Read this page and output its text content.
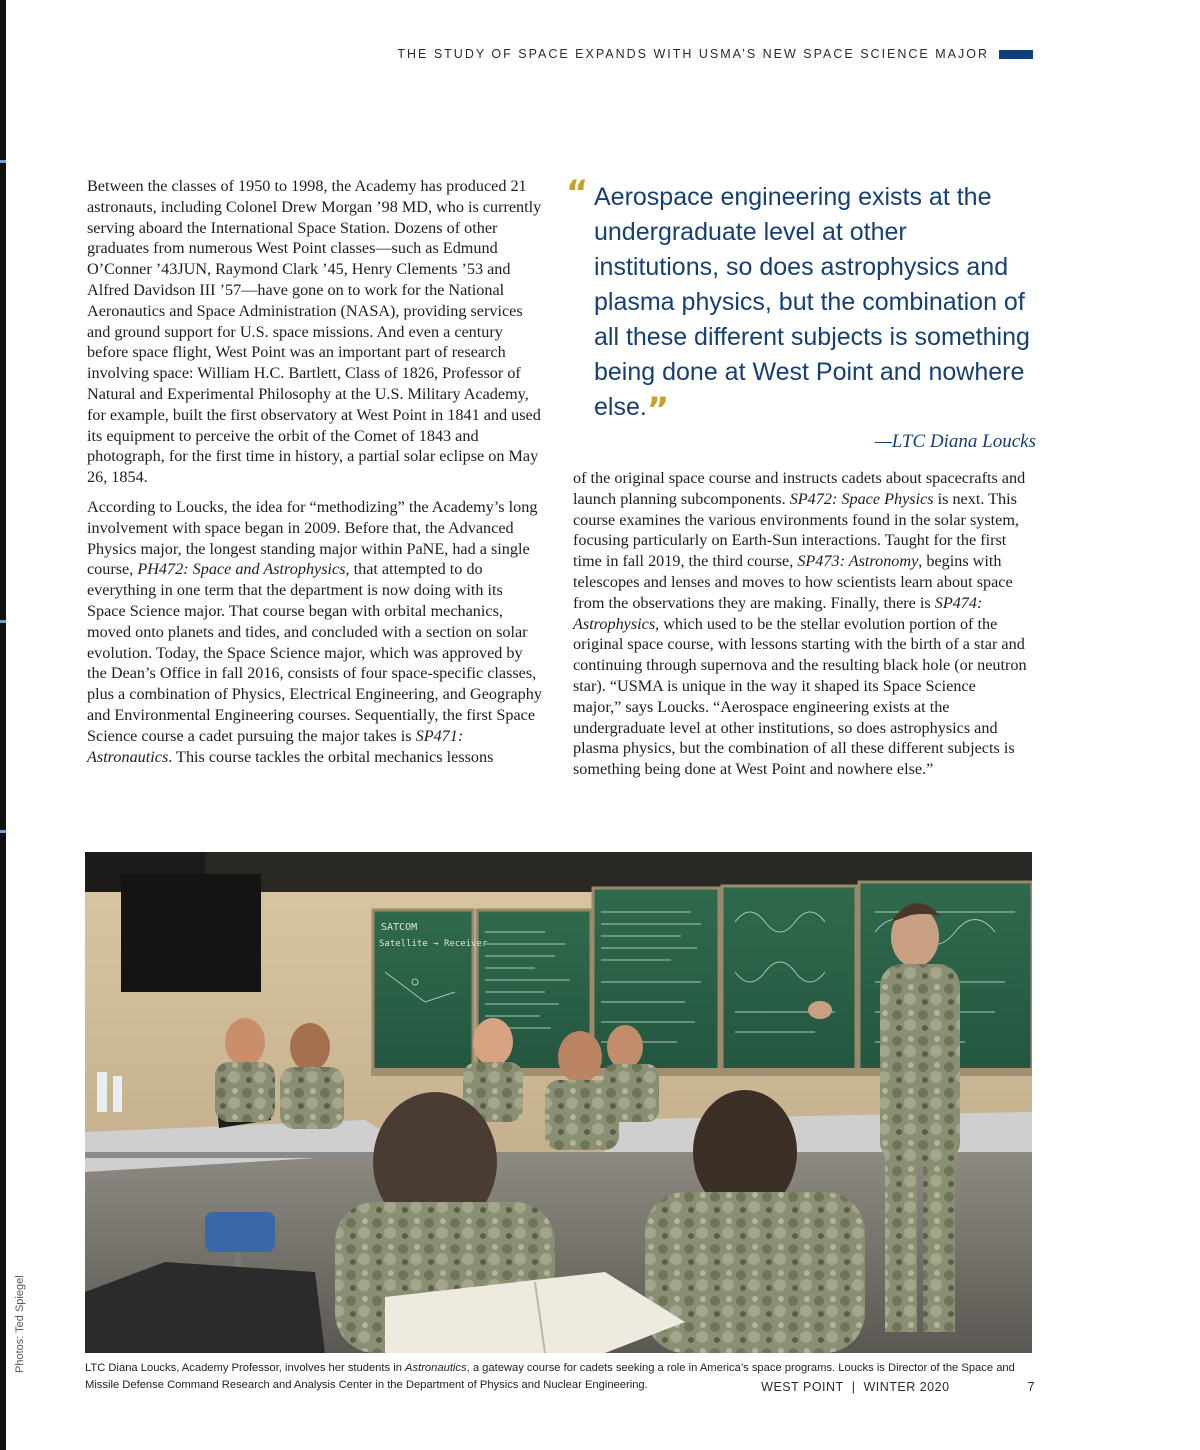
THE STUDY OF SPACE EXPANDS WITH USMA’S NEW SPACE SCIENCE MAJOR

Between the classes of 1950 to 1998, the Academy has produced 21 astronauts, including Colonel Drew Morgan ’98 MD, who is currently serving aboard the International Space Station. Dozens of other graduates from numerous West Point classes—such as Edmund O’Conner ’43JUN, Raymond Clark ’45, Henry Clements ’53 and Alfred Davidson III ’57—have gone on to work for the National Aeronautics and Space Administration (NASA), providing services and ground support for U.S. space missions. And even a century before space flight, West Point was an important part of research involving space: William H.C. Bartlett, Class of 1826, Professor of Natural and Experimental Philosophy at the U.S. Military Academy, for example, built the first observatory at West Point in 1841 and used its equipment to perceive the orbit of the Comet of 1843 and photograph, for the first time in history, a partial solar eclipse on May 26, 1854.

According to Loucks, the idea for “methodizing” the Academy’s long involvement with space began in 2009. Before that, the Advanced Physics major, the longest standing major within PaNE, had a single course, PH472: Space and Astrophysics, that attempted to do everything in one term that the department is now doing with its Space Science major. That course began with orbital mechanics, moved onto planets and tides, and concluded with a section on solar evolution. Today, the Space Science major, which was approved by the Dean’s Office in fall 2016, consists of four space-specific classes, plus a combination of Physics, Electrical Engineering, and Geography and Environmental Engineering courses. Sequentially, the first Space Science course a cadet pursuing the major takes is SP471: Astronautics. This course tackles the orbital mechanics lessons

“ Aerospace engineering exists at the undergraduate level at other institutions, so does astrophysics and plasma physics, but the combination of all these different subjects is something being done at West Point and nowhere else.”
—LTC Diana Loucks

of the original space course and instructs cadets about spacecrafts and launch planning subcomponents. SP472: Space Physics is next. This course examines the various environments found in the solar system, focusing particularly on Earth-Sun interactions. Taught for the first time in fall 2019, the third course, SP473: Astronomy, begins with telescopes and lenses and moves to how scientists learn about space from the observations they are making. Finally, there is SP474: Astrophysics, which used to be the stellar evolution portion of the original space course, with lessons starting with the birth of a star and continuing through supernova and the resulting black hole (or neutron star). “USMA is unique in the way it shaped its Space Science major,” says Loucks. “Aerospace engineering exists at the undergraduate level at other institutions, so does astrophysics and plasma physics, but the combination of all these different subjects is something being done at West Point and nowhere else.”

SATCOM
Satellite → Receiver
Photos: Ted Spiegel	LTC Diana Loucks, Academy Professor, involves her students in Astronautics, a gateway course for cadets seeking a role in America’s space programs. Loucks is Director of the Space and Missile Defense Command Research and Analysis Center in the Department of Physics and Nuclear Engineering.	WEST POINT | WINTER 2020	7
